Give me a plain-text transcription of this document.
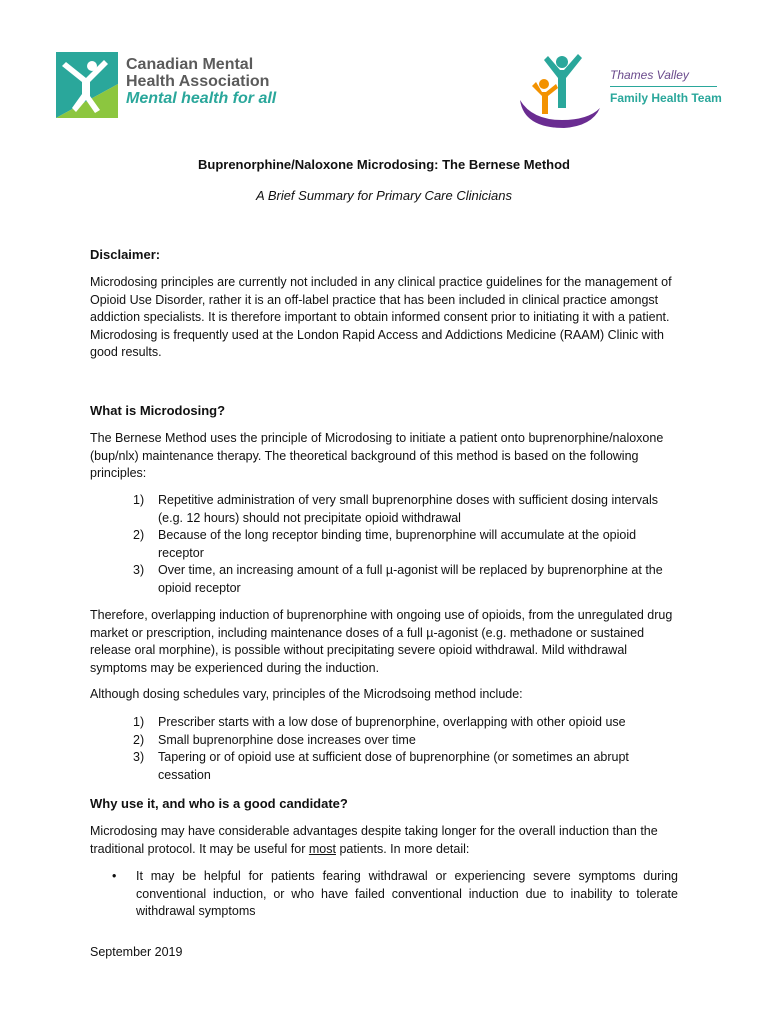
Canadian Mental
Health Association
Mental health for all
Thames Valley
Family Health Team
Buprenorphine/Naloxone Microdosing: The Bernese Method
A Brief Summary for Primary Care Clinicians

Disclaimer:

Microdosing principles are currently not included in any clinical practice guidelines for the management of Opioid Use Disorder, rather it is an off-label practice that has been included in clinical practice amongst addiction specialists. It is therefore important to obtain informed consent prior to initiating it with a patient. Microdosing is frequently used at the London Rapid Access and Addictions Medicine (RAAM) Clinic with good results.

What is Microdosing?

The Bernese Method uses the principle of Microdosing to initiate a patient onto buprenorphine/naloxone (bup/nlx) maintenance therapy. The theoretical background of this method is based on the following principles:

1) Repetitive administration of very small buprenorphine doses with sufficient dosing intervals (e.g. 12 hours) should not precipitate opioid withdrawal
2) Because of the long receptor binding time, buprenorphine will accumulate at the opioid receptor
3) Over time, an increasing amount of a full µ-agonist will be replaced by buprenorphine at the opioid receptor

Therefore, overlapping induction of buprenorphine with ongoing use of opioids, from the unregulated drug market or prescription, including maintenance doses of a full µ-agonist (e.g. methadone or sustained release oral morphine), is possible without precipitating severe opioid withdrawal. Mild withdrawal symptoms may be experienced during the induction.

Although dosing schedules vary, principles of the Microdsoing method include:

1) Prescriber starts with a low dose of buprenorphine, overlapping with other opioid use
2) Small buprenorphine dose increases over time
3) Tapering or of opioid use at sufficient dose of buprenorphine (or sometimes an abrupt cessation

Why use it, and who is a good candidate?

Microdosing may have considerable advantages despite taking longer for the overall induction than the traditional protocol. It may be useful for most patients. In more detail:

• It may be helpful for patients fearing withdrawal or experiencing severe symptoms during conventional induction, or who have failed conventional induction due to inability to tolerate withdrawal symptoms

September 2019
